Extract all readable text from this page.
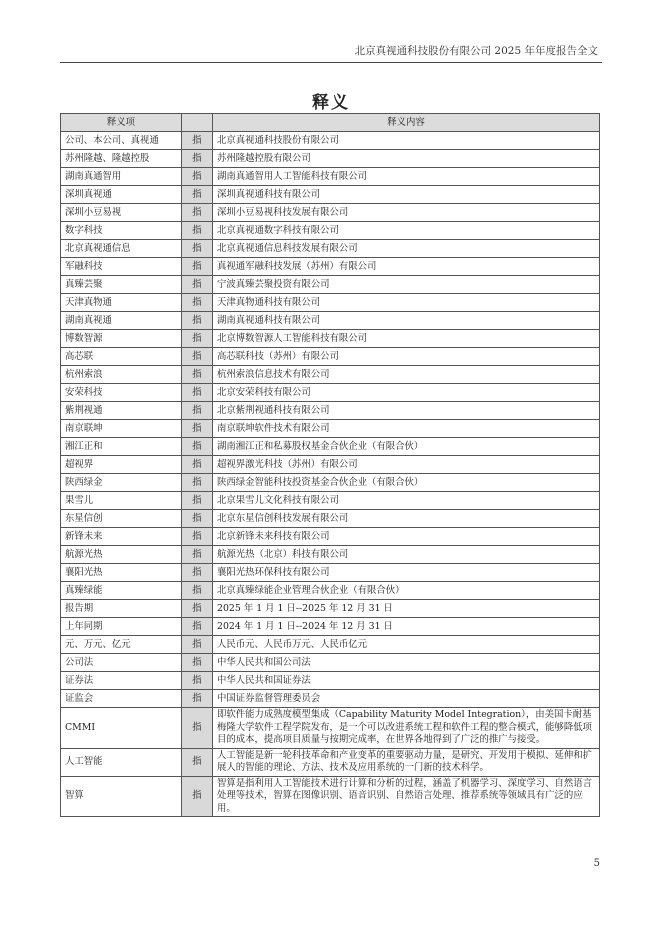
北京真视通科技股份有限公司 2025 年年度报告全文
释义
释义项		释义内容
公司、本公司、真视通	指	北京真视通科技股份有限公司
苏州隆越、隆越控股	指	苏州隆越控股有限公司
湖南真通智用	指	湖南真通智用人工智能科技有限公司
深圳真视通	指	深圳真视通科技有限公司
深圳小豆易视	指	深圳小豆易视科技发展有限公司
数字科技	指	北京真视通数字科技有限公司
北京真视通信息	指	北京真视通信息科技发展有限公司
军融科技	指	真视通军融科技发展（苏州）有限公司
真臻芸聚	指	宁波真臻芸聚投资有限公司
天津真物通	指	天津真物通科技有限公司
湖南真视通	指	湖南真视通科技有限公司
博数智源	指	北京博数智源人工智能科技有限公司
高芯联	指	高芯联科技（苏州）有限公司
杭州索浪	指	杭州索浪信息技术有限公司
安荣科技	指	北京安荣科技有限公司
紫荆视通	指	北京紫荆视通科技有限公司
南京联坤	指	南京联坤软件技术有限公司
湘江正和	指	湖南湘江正和私募股权基金合伙企业（有限合伙）
超视界	指	超视界激光科技（苏州）有限公司
陕西绿金	指	陕西绿金智能科技投资基金合伙企业（有限合伙）
果雪儿	指	北京果雪儿文化科技有限公司
东星信创	指	北京东星信创科技发展有限公司
新锋未来	指	北京新锋未来科技有限公司
航源光热	指	航源光热（北京）科技有限公司
襄阳光热	指	襄阳光热环保科技有限公司
真臻绿能	指	北京真臻绿能企业管理合伙企业（有限合伙）
报告期	指	2025 年 1 月 1 日--2025 年 12 月 31 日
上年同期	指	2024 年 1 月 1 日--2024 年 12 月 31 日
元、万元、亿元	指	人民币元、人民币万元、人民币亿元
公司法	指	中华人民共和国公司法
证券法	指	中华人民共和国证券法
证监会	指	中国证券监督管理委员会
CMMI	指	即软件能力成熟度模型集成（Capability Maturity Model Integration），由美国卡耐基梅隆大学软件工程学院发布，是一个可以改进系统工程和软件工程的整合模式，能够降低项目的成本，提高项目质量与按期完成率，在世界各地得到了广泛的推广与接受。
人工智能	指	人工智能是新一轮科技革命和产业变革的重要驱动力量，是研究、开发用于模拟、延伸和扩展人的智能的理论、方法、技术及应用系统的一门新的技术科学。
智算	指	智算是指利用人工智能技术进行计算和分析的过程，涵盖了机器学习、深度学习、自然语言处理等技术，智算在图像识别、语音识别、自然语言处理、推荐系统等领域具有广泛的应用。
5
